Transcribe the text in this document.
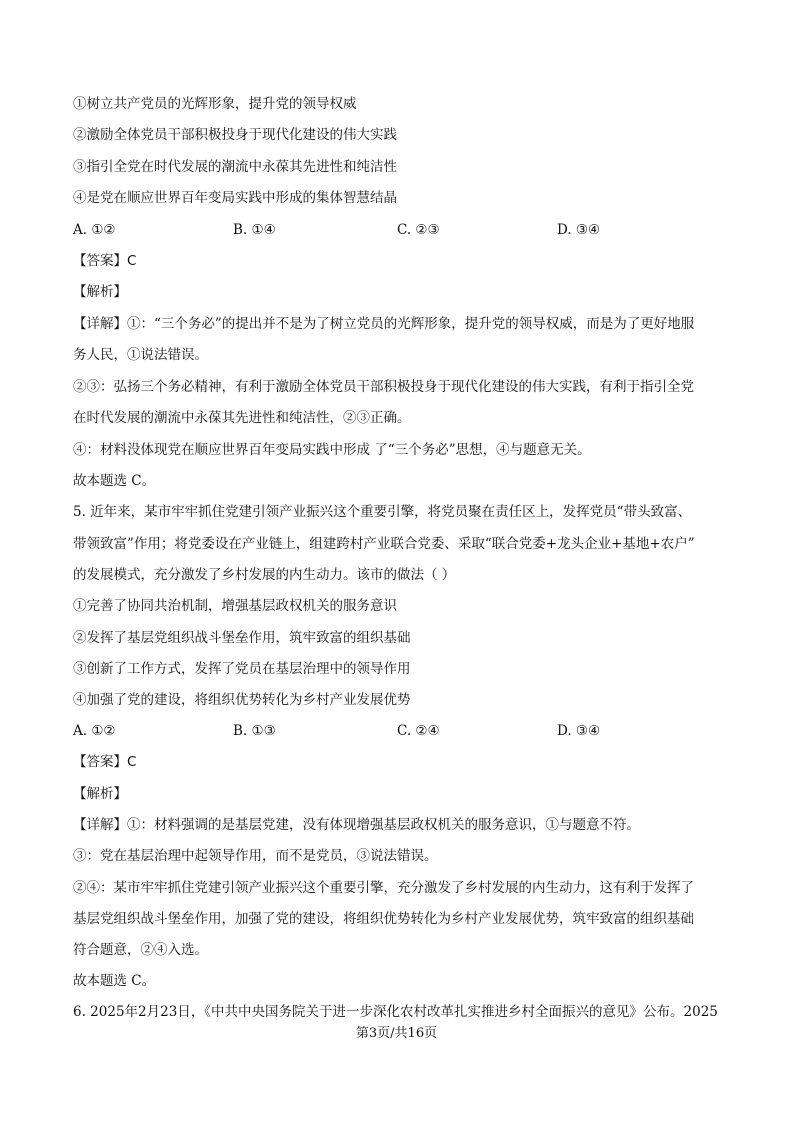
①树立共产党员的光辉形象，提升党的领导权威
②激励全体党员干部积极投身于现代化建设的伟大实践
③指引全党在时代发展的潮流中永葆其先进性和纯洁性
④是党在顺应世界百年变局实践中形成的集体智慧结晶
A. ①②	B. ①④	C. ②③	D. ③④
【答案】C
【解析】
【详解】①：“三个务必”的提出并不是为了树立党员的光辉形象，提升党的领导权威，而是为了更好地服
务人民，①说法错误。
②③：弘扬三个务必精神，有利于激励全体党员干部积极投身于现代化建设的伟大实践，有利于指引全党
在时代发展的潮流中永葆其先进性和纯洁性，②③正确。
④：材料没体现党在顺应世界百年变局实践中形成 了“三个务必”思想，④与题意无关。
故本题选 C。
5. 近年来，某市牢牢抓住党建引领产业振兴这个重要引擎，将党员聚在责任区上，发挥党员“带头致富、
带领致富”作用；将党委设在产业链上，组建跨村产业联合党委、采取“联合党委+龙头企业+基地+农户”
的发展模式，充分激发了乡村发展的内生动力。该市的做法（ ）
①完善了协同共治机制，增强基层政权机关的服务意识
②发挥了基层党组织战斗堡垒作用，筑牢致富的组织基础
③创新了工作方式，发挥了党员在基层治理中的领导作用
④加强了党的建设，将组织优势转化为乡村产业发展优势
A. ①②	B. ①③	C. ②④	D. ③④
【答案】C
【解析】
【详解】①：材料强调的是基层党建，没有体现增强基层政权机关的服务意识，①与题意不符。
③：党在基层治理中起领导作用，而不是党员，③说法错误。
②④：某市牢牢抓住党建引领产业振兴这个重要引擎，充分激发了乡村发展的内生动力，这有利于发挥了
基层党组织战斗堡垒作用，加强了党的建设，将组织优势转化为乡村产业发展优势，筑牢致富的组织基础
符合题意，②④入选。
故本题选 C。
6. 2025年2月23日，《中共中央国务院关于进一步深化农村改革扎实推进乡村全面振兴的意见》公布。2025
第3页/共16页
